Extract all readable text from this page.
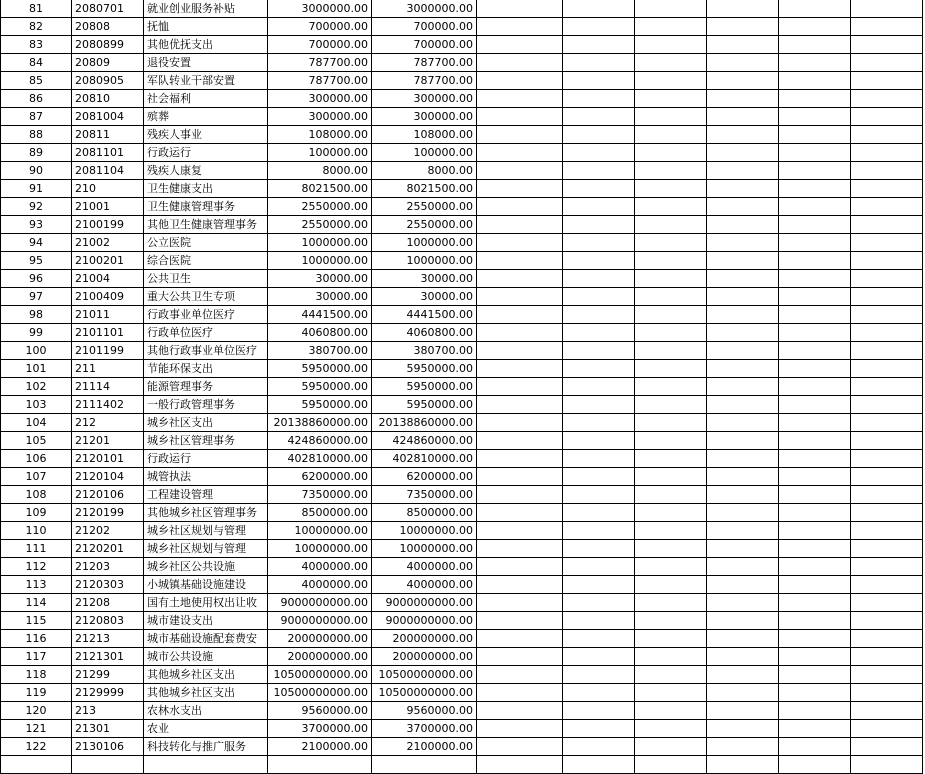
81	2080701	就业创业服务补贴	3000000.00	3000000.00						
82	20808	抚恤	700000.00	700000.00						
83	2080899	其他优抚支出	700000.00	700000.00						
84	20809	退役安置	787700.00	787700.00						
85	2080905	军队转业干部安置	787700.00	787700.00						
86	20810	社会福利	300000.00	300000.00						
87	2081004	殡葬	300000.00	300000.00						
88	20811	残疾人事业	108000.00	108000.00						
89	2081101	行政运行	100000.00	100000.00						
90	2081104	残疾人康复	8000.00	8000.00						
91	210	卫生健康支出	8021500.00	8021500.00						
92	21001	卫生健康管理事务	2550000.00	2550000.00						
93	2100199	其他卫生健康管理事务	2550000.00	2550000.00						
94	21002	公立医院	1000000.00	1000000.00						
95	2100201	综合医院	1000000.00	1000000.00						
96	21004	公共卫生	30000.00	30000.00						
97	2100409	重大公共卫生专项	30000.00	30000.00						
98	21011	行政事业单位医疗	4441500.00	4441500.00						
99	2101101	行政单位医疗	4060800.00	4060800.00						
100	2101199	其他行政事业单位医疗	380700.00	380700.00						
101	211	节能环保支出	5950000.00	5950000.00						
102	21114	能源管理事务	5950000.00	5950000.00						
103	2111402	一般行政管理事务	5950000.00	5950000.00						
104	212	城乡社区支出	20138860000.00	20138860000.00						
105	21201	城乡社区管理事务	424860000.00	424860000.00						
106	2120101	行政运行	402810000.00	402810000.00						
107	2120104	城管执法	6200000.00	6200000.00						
108	2120106	工程建设管理	7350000.00	7350000.00						
109	2120199	其他城乡社区管理事务	8500000.00	8500000.00						
110	21202	城乡社区规划与管理	10000000.00	10000000.00						
111	2120201	城乡社区规划与管理	10000000.00	10000000.00						
112	21203	城乡社区公共设施	4000000.00	4000000.00						
113	2120303	小城镇基础设施建设	4000000.00	4000000.00						
114	21208	国有土地使用权出让收	9000000000.00	9000000000.00						
115	2120803	城市建设支出	9000000000.00	9000000000.00						
116	21213	城市基础设施配套费安	200000000.00	200000000.00						
117	2121301	城市公共设施	200000000.00	200000000.00						
118	21299	其他城乡社区支出	10500000000.00	10500000000.00						
119	2129999	其他城乡社区支出	10500000000.00	10500000000.00						
120	213	农林水支出	9560000.00	9560000.00						
121	21301	农业	3700000.00	3700000.00						
122	2130106	科技转化与推广服务	2100000.00	2100000.00						
